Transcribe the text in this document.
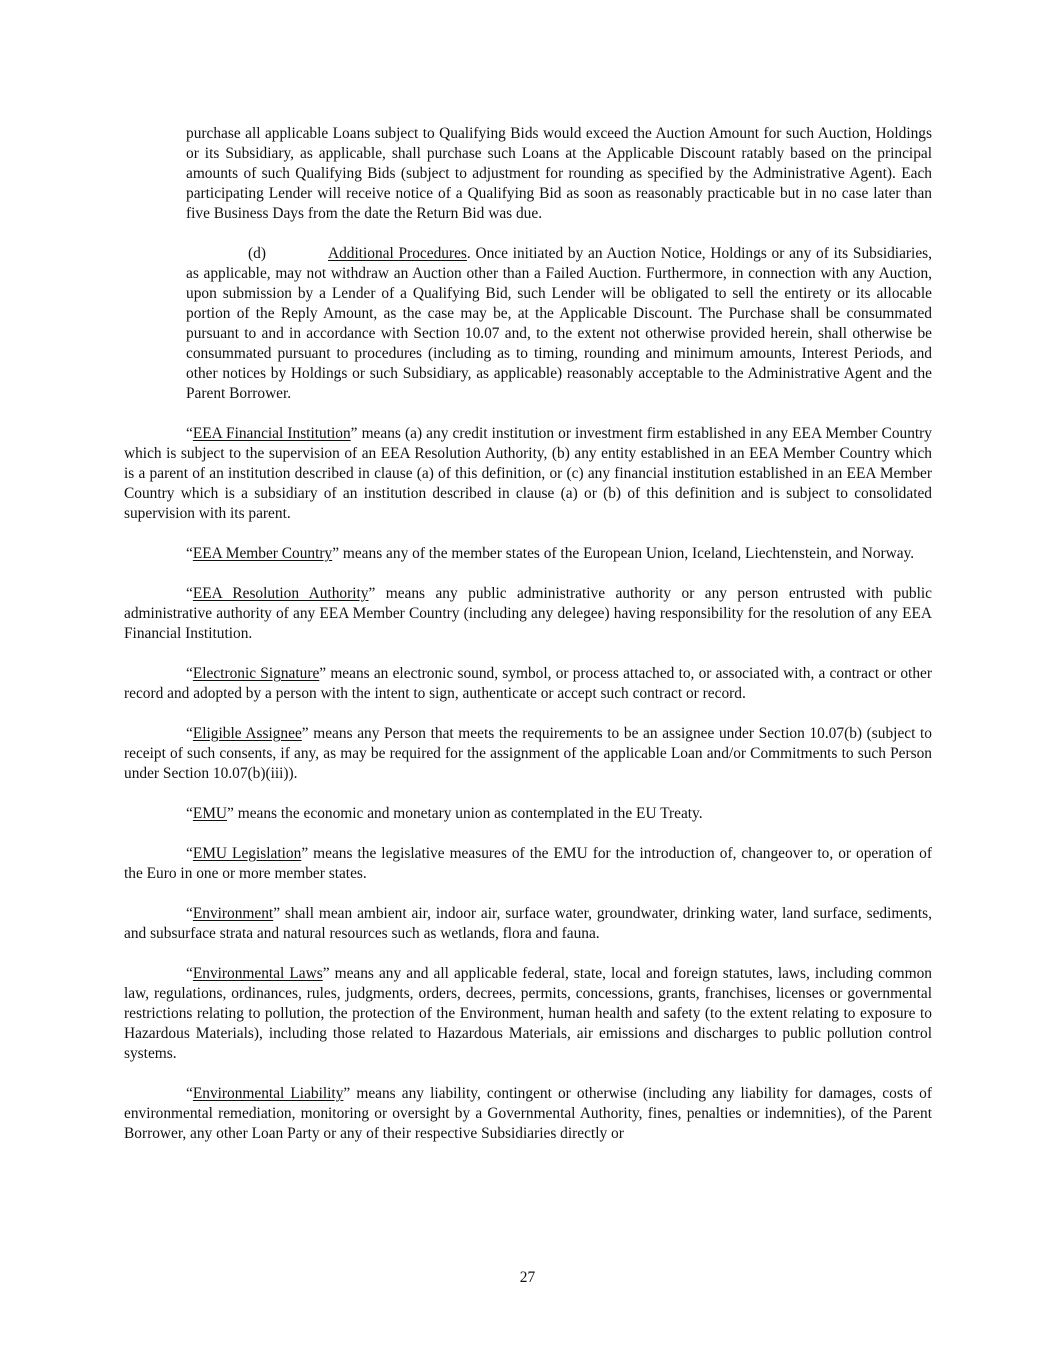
purchase all applicable Loans subject to Qualifying Bids would exceed the Auction Amount for such Auction, Holdings or its Subsidiary, as applicable, shall purchase such Loans at the Applicable Discount ratably based on the principal amounts of such Qualifying Bids (subject to adjustment for rounding as specified by the Administrative Agent). Each participating Lender will receive notice of a Qualifying Bid as soon as reasonably practicable but in no case later than five Business Days from the date the Return Bid was due.

(d)	Additional Procedures. Once initiated by an Auction Notice, Holdings or any of its Subsidiaries, as applicable, may not withdraw an Auction other than a Failed Auction. Furthermore, in connection with any Auction, upon submission by a Lender of a Qualifying Bid, such Lender will be obligated to sell the entirety or its allocable portion of the Reply Amount, as the case may be, at the Applicable Discount. The Purchase shall be consummated pursuant to and in accordance with Section 10.07 and, to the extent not otherwise provided herein, shall otherwise be consummated pursuant to procedures (including as to timing, rounding and minimum amounts, Interest Periods, and other notices by Holdings or such Subsidiary, as applicable) reasonably acceptable to the Administrative Agent and the Parent Borrower.

“EEA Financial Institution” means (a) any credit institution or investment firm established in any EEA Member Country which is subject to the supervision of an EEA Resolution Authority, (b) any entity established in an EEA Member Country which is a parent of an institution described in clause (a) of this definition, or (c) any financial institution established in an EEA Member Country which is a subsidiary of an institution described in clause (a) or (b) of this definition and is subject to consolidated supervision with its parent.

“EEA Member Country” means any of the member states of the European Union, Iceland, Liechtenstein, and Norway.

“EEA Resolution Authority” means any public administrative authority or any person entrusted with public administrative authority of any EEA Member Country (including any delegee) having responsibility for the resolution of any EEA Financial Institution.

“Electronic Signature” means an electronic sound, symbol, or process attached to, or associated with, a contract or other record and adopted by a person with the intent to sign, authenticate or accept such contract or record.

“Eligible Assignee” means any Person that meets the requirements to be an assignee under Section 10.07(b) (subject to receipt of such consents, if any, as may be required for the assignment of the applicable Loan and/or Commitments to such Person under Section 10.07(b)(iii)).

“EMU” means the economic and monetary union as contemplated in the EU Treaty.

“EMU Legislation” means the legislative measures of the EMU for the introduction of, changeover to, or operation of the Euro in one or more member states.

“Environment” shall mean ambient air, indoor air, surface water, groundwater, drinking water, land surface, sediments, and subsurface strata and natural resources such as wetlands, flora and fauna.

“Environmental Laws” means any and all applicable federal, state, local and foreign statutes, laws, including common law, regulations, ordinances, rules, judgments, orders, decrees, permits, concessions, grants, franchises, licenses or governmental restrictions relating to pollution, the protection of the Environment, human health and safety (to the extent relating to exposure to Hazardous Materials), including those related to Hazardous Materials, air emissions and discharges to public pollution control systems.

“Environmental Liability” means any liability, contingent or otherwise (including any liability for damages, costs of environmental remediation, monitoring or oversight by a Governmental Authority, fines, penalties or indemnities), of the Parent Borrower, any other Loan Party or any of their respective Subsidiaries directly or

27
